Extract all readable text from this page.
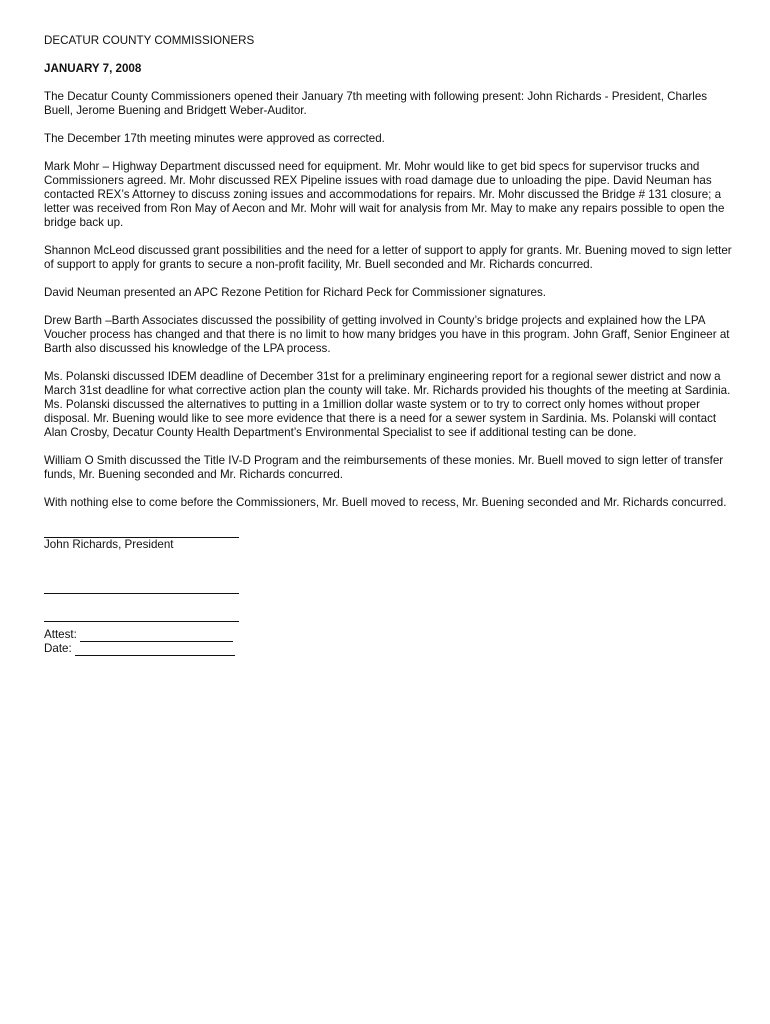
DECATUR COUNTY COMMISSIONERS

JANUARY 7, 2008

The Decatur County Commissioners opened their January 7th meeting with following present: John Richards - President, Charles Buell, Jerome Buening and Bridgett Weber-Auditor.

The December 17th meeting minutes were approved as corrected.

Mark Mohr – Highway Department discussed need for equipment. Mr. Mohr would like to get bid specs for supervisor trucks and Commissioners agreed. Mr. Mohr discussed REX Pipeline issues with road damage due to unloading the pipe. David Neuman has contacted REX’s Attorney to discuss zoning issues and accommodations for repairs. Mr. Mohr discussed the Bridge # 131 closure; a letter was received from Ron May of Aecon and Mr. Mohr will wait for analysis from Mr. May to make any repairs possible to open the bridge back up.

Shannon McLeod discussed grant possibilities and the need for a letter of support to apply for grants. Mr. Buening moved to sign letter of support to apply for grants to secure a non-profit facility, Mr. Buell seconded and Mr. Richards concurred.

David Neuman presented an APC Rezone Petition for Richard Peck for Commissioner signatures.

Drew Barth –Barth Associates discussed the possibility of getting involved in County’s bridge projects and explained how the LPA Voucher process has changed and that there is no limit to how many bridges you have in this program. John Graff, Senior Engineer at Barth also discussed his knowledge of the LPA process.

Ms. Polanski discussed IDEM deadline of December 31st for a preliminary engineering report for a regional sewer district and now a March 31st deadline for what corrective action plan the county will take. Mr. Richards provided his thoughts of the meeting at Sardinia. Ms. Polanski discussed the alternatives to putting in a 1million dollar waste system or to try to correct only homes without proper disposal. Mr. Buening would like to see more evidence that there is a need for a sewer system in Sardinia. Ms. Polanski will contact Alan Crosby, Decatur County Health Department’s Environmental Specialist to see if additional testing can be done.

William O Smith discussed the Title IV-D Program and the reimbursements of these monies. Mr. Buell moved to sign letter of transfer funds, Mr. Buening seconded and Mr. Richards concurred.

With nothing else to come before the Commissioners, Mr. Buell moved to recess, Mr. Buening seconded and Mr. Richards concurred.

John Richards, President

Attest:

Date:
